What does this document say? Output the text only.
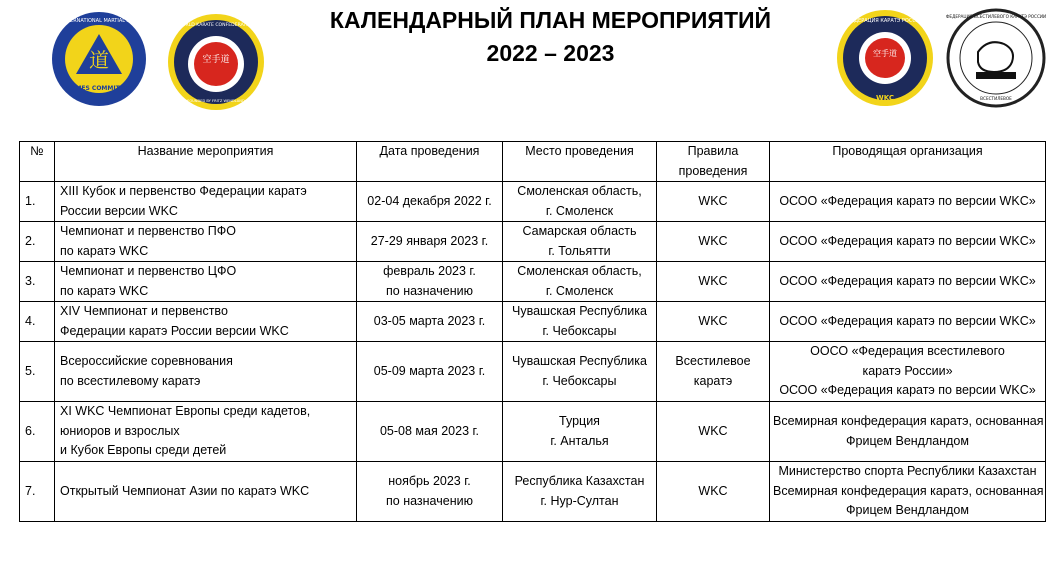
КАЛЕНДАРНЫЙ ПЛАН МЕРОПРИЯТИЙ
2022 – 2023
道
GAMES COMMITTEE
INTERNATIONAL MARTIAL ART
空手道
WORLD KARATE CONFEDERATION
FOUNDED BY FRITZ WENDLAND
空手道
ФЕДЕРАЦИЯ КАРАТЭ РОССИИ
WKC
ФЕДЕРАЦИЯ ВСЕСТИЛЕВОГО КАРАТЭ РОССИИ
ВСЕСТИЛЕВОЕ
№	Название мероприятия	Дата проведения	Место проведения	Правила
проведения	Проводящая организация
1.	XIII Кубок и первенство Федерации каратэ
России версии WKC	02-04 декабря 2022 г.	Смоленская область,
г. Смоленск	WKC	ОСОО «Федерация каратэ по версии WKC»

2.	Чемпионат и первенство ПФО
по каратэ WKC	27-29 января 2023 г.	Самарская область
г. Тольятти	WKC	ОСОО «Федерация каратэ по версии WKC»

3.	Чемпионат и первенство ЦФО
по каратэ WKC	февраль 2023 г.
по назначению	Смоленская область,
г. Смоленск	WKC	ОСОО «Федерация каратэ по версии WKC»

4.	XIV Чемпионат и первенство
Федерации каратэ России версии WKC	03-05 марта 2023 г.	Чувашская Республика
г. Чебоксары	WKC	ОСОО «Федерация каратэ по версии WKC»

5.	Всероссийские соревнования
по всестилевому каратэ	05-09 марта 2023 г.	Чувашская Республика
г. Чебоксары	Всестилевое
каратэ	ООСО «Федерация всестилевого
каратэ России»
ОСОО «Федерация каратэ по версии WKC»

6.	XI WKC Чемпионат Европы среди кадетов,
юниоров и взрослых
и Кубок Европы среди детей	05-08 мая 2023 г.	Турция
г. Анталья	WKC	Всемирная конфедерация каратэ, основанная
Фрицем Вендландом

7.	Открытый Чемпионат Азии по каратэ WKC	ноябрь 2023 г.
по назначению	Республика Казахстан
г. Нур-Султан	WKC	Министерство спорта Республики Казахстан
Всемирная конфедерация каратэ, основанная
Фрицем Вендландом
